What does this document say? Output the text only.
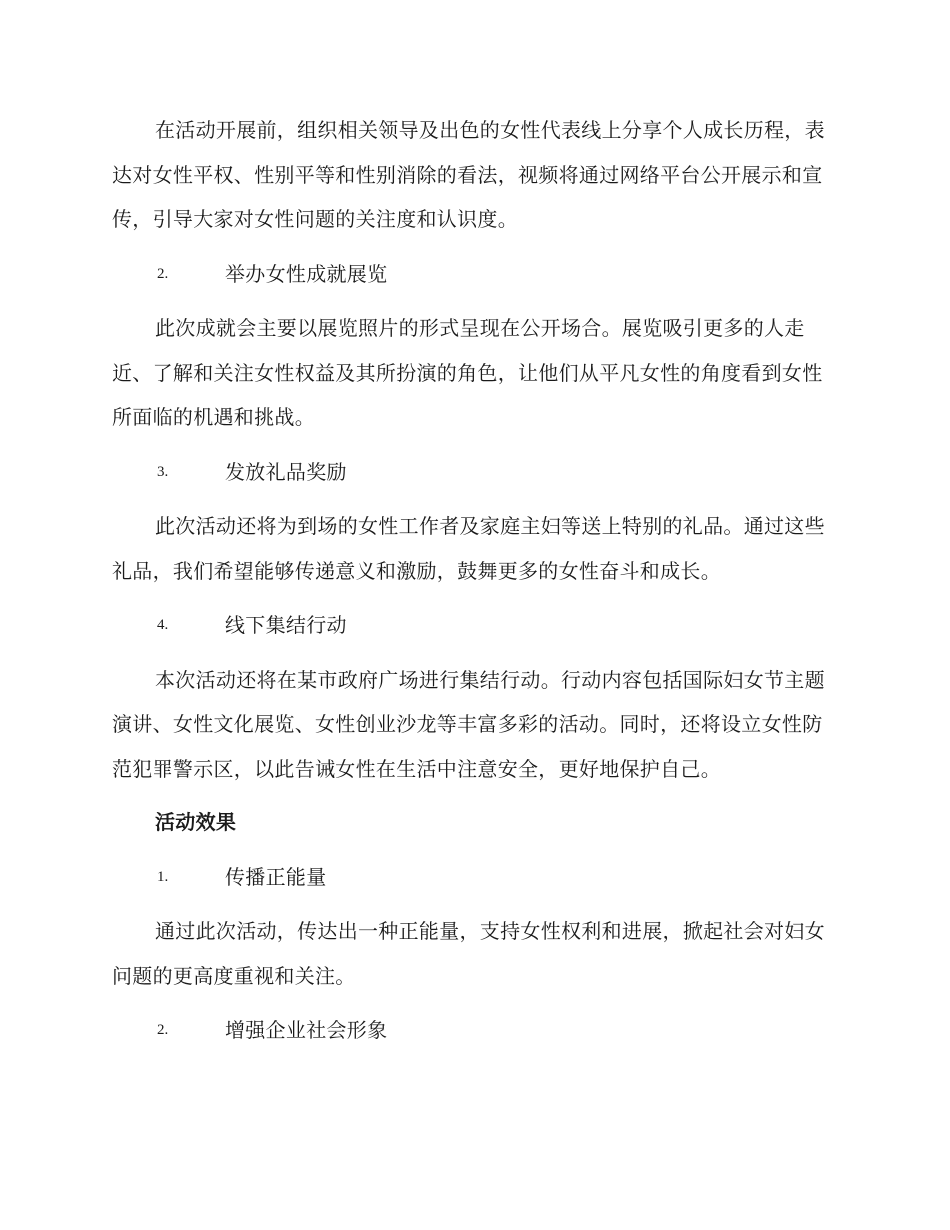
在活动开展前，组织相关领导及出色的女性代表线上分享个人成长历程，表达对女性平权、性别平等和性别消除的看法，视频将通过网络平台公开展示和宣传，引导大家对女性问题的关注度和认识度。

2.	举办女性成就展览

此次成就会主要以展览照片的形式呈现在公开场合。展览吸引更多的人走近、了解和关注女性权益及其所扮演的角色，让他们从平凡女性的角度看到女性所面临的机遇和挑战。

3.	发放礼品奖励

此次活动还将为到场的女性工作者及家庭主妇等送上特别的礼品。通过这些礼品，我们希望能够传递意义和激励，鼓舞更多的女性奋斗和成长。

4.	线下集结行动

本次活动还将在某市政府广场进行集结行动。行动内容包括国际妇女节主题演讲、女性文化展览、女性创业沙龙等丰富多彩的活动。同时，还将设立女性防范犯罪警示区，以此告诫女性在生活中注意安全，更好地保护自己。

活动效果

1.	传播正能量

通过此次活动，传达出一种正能量，支持女性权利和进展，掀起社会对妇女问题的更高度重视和关注。

2.	增强企业社会形象
